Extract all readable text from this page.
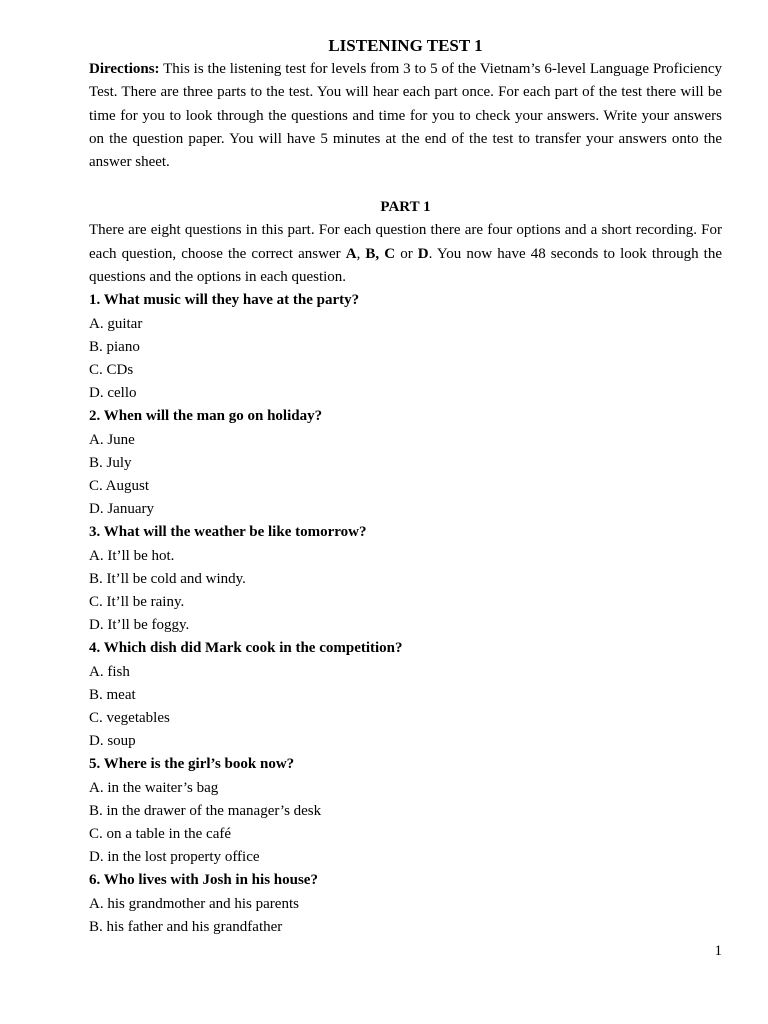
LISTENING TEST 1

Directions: This is the listening test for levels from 3 to 5 of the Vietnam’s 6-level Language Proficiency Test. There are three parts to the test. You will hear each part once. For each part of the test there will be time for you to look through the questions and time for you to check your answers. Write your answers on the question paper. You will have 5 minutes at the end of the test to transfer your answers onto the answer sheet.

PART 1

There are eight questions in this part. For each question there are four options and a short recording. For each question, choose the correct answer A, B, C or D. You now have 48 seconds to look through the questions and the options in each question.

1. What music will they have at the party?

A. guitar

B. piano

C. CDs

D. cello

2. When will the man go on holiday?

A. June

B. July

C. August

D. January

3. What will the weather be like tomorrow?

A. It’ll be hot.

B. It’ll be cold and windy.

C. It’ll be rainy.

D. It’ll be foggy.

4. Which dish did Mark cook in the competition?

A. fish

B. meat

C. vegetables

D. soup

5. Where is the girl’s book now?

A. in the waiter’s bag

B. in the drawer of the manager’s desk

C. on a table in the café

D. in the lost property office

6. Who lives with Josh in his house?

A. his grandmother and his parents

B. his father and his grandfather

1
